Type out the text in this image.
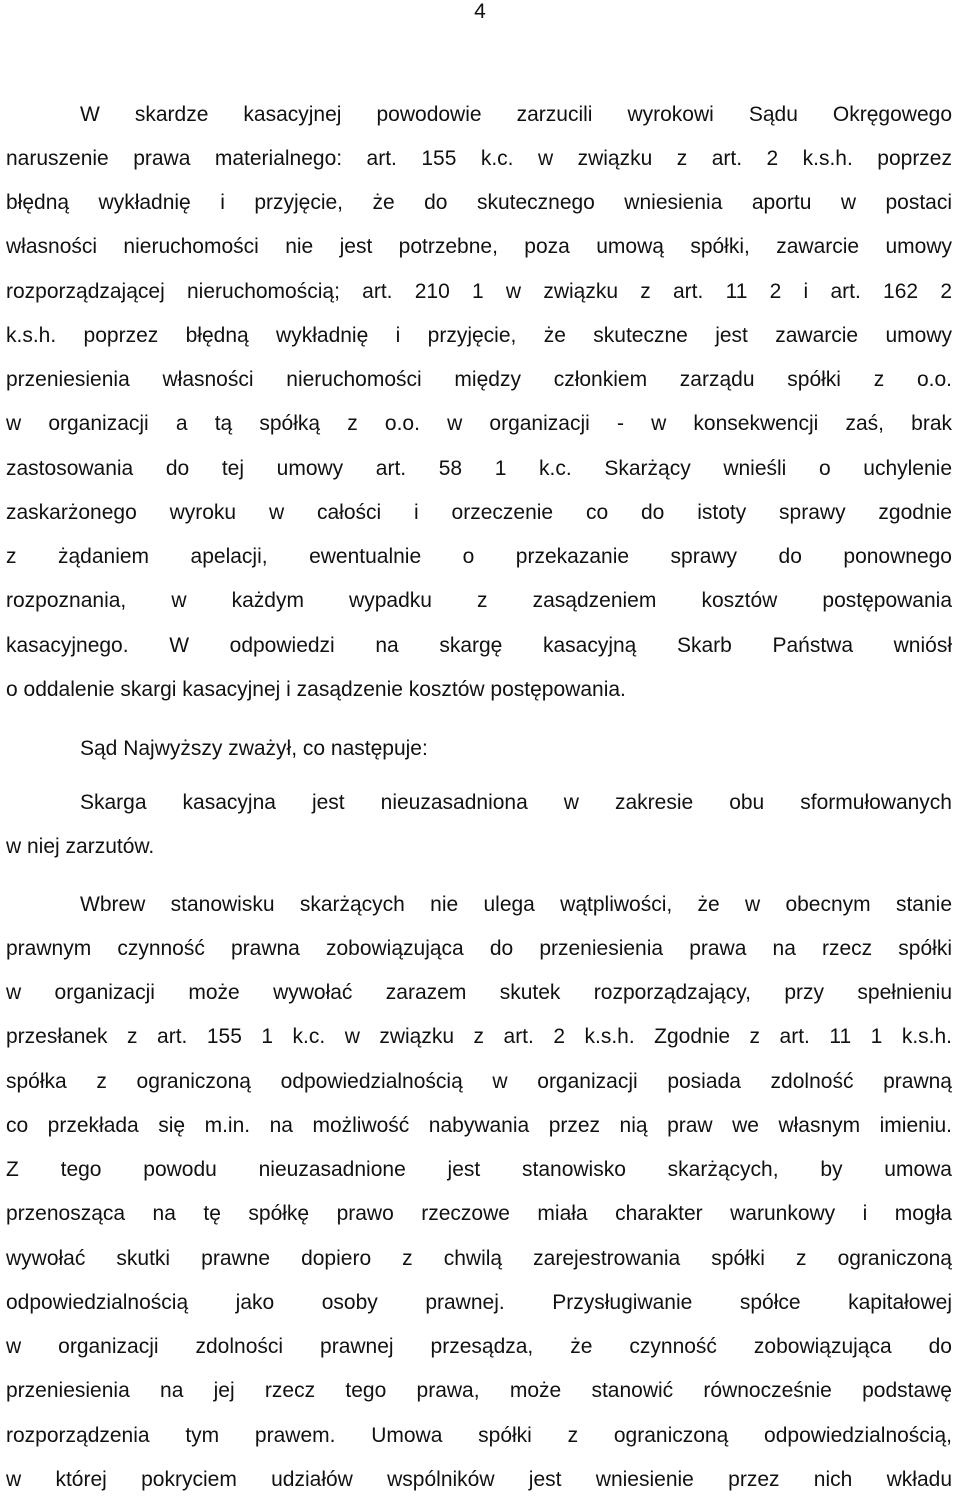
4

W skardze kasacyjnej powodowie zarzucili wyrokowi Sądu Okręgowego

naruszenie prawa materialnego: art. 155 k.c. w związku z art. 2 k.s.h. poprzez

błędną wykładnię i przyjęcie, że do skutecznego wniesienia aportu w postaci

własności nieruchomości nie jest potrzebne, poza umową spółki, zawarcie umowy

rozporządzającej nieruchomością; art. 210 1 w związku z art. 11 2 i art. 162 2

k.s.h. poprzez błędną wykładnię i przyjęcie, że skuteczne jest zawarcie umowy

przeniesienia własności nieruchomości między członkiem zarządu spółki z o.o.

w organizacji a tą spółką z o.o. w organizacji - w konsekwencji zaś, brak

zastosowania do tej umowy art. 58 1 k.c. Skarżący wnieśli o uchylenie

zaskarżonego wyroku w całości i orzeczenie co do istoty sprawy zgodnie

z żądaniem apelacji, ewentualnie o przekazanie sprawy do ponownego

rozpoznania, w każdym wypadku z zasądzeniem kosztów postępowania

kasacyjnego. W odpowiedzi na skargę kasacyjną Skarb Państwa wniósł

o oddalenie skargi kasacyjnej i zasądzenie kosztów postępowania.

Sąd Najwyższy zważył, co następuje:

Skarga kasacyjna jest nieuzasadniona w zakresie obu sformułowanych

w niej zarzutów.

Wbrew stanowisku skarżących nie ulega wątpliwości, że w obecnym stanie

prawnym czynność prawna zobowiązująca do przeniesienia prawa na rzecz spółki

w organizacji może wywołać zarazem skutek rozporządzający, przy spełnieniu

przesłanek z art. 155 1 k.c. w związku z art. 2 k.s.h. Zgodnie z art. 11 1 k.s.h.

spółka z ograniczoną odpowiedzialnością w organizacji posiada zdolność prawną

co przekłada się m.in. na możliwość nabywania przez nią praw we własnym imieniu.

Z tego powodu nieuzasadnione jest stanowisko skarżących, by umowa

przenosząca na tę spółkę prawo rzeczowe miała charakter warunkowy i mogła

wywołać skutki prawne dopiero z chwilą zarejestrowania spółki z ograniczoną

odpowiedzialnością jako osoby prawnej. Przysługiwanie spółce kapitałowej

w organizacji zdolności prawnej przesądza, że czynność zobowiązująca do

przeniesienia na jej rzecz tego prawa, może stanowić równocześnie podstawę

rozporządzenia tym prawem. Umowa spółki z ograniczoną odpowiedzialnością,

w której pokryciem udziałów wspólników jest wniesienie przez nich wkładu
